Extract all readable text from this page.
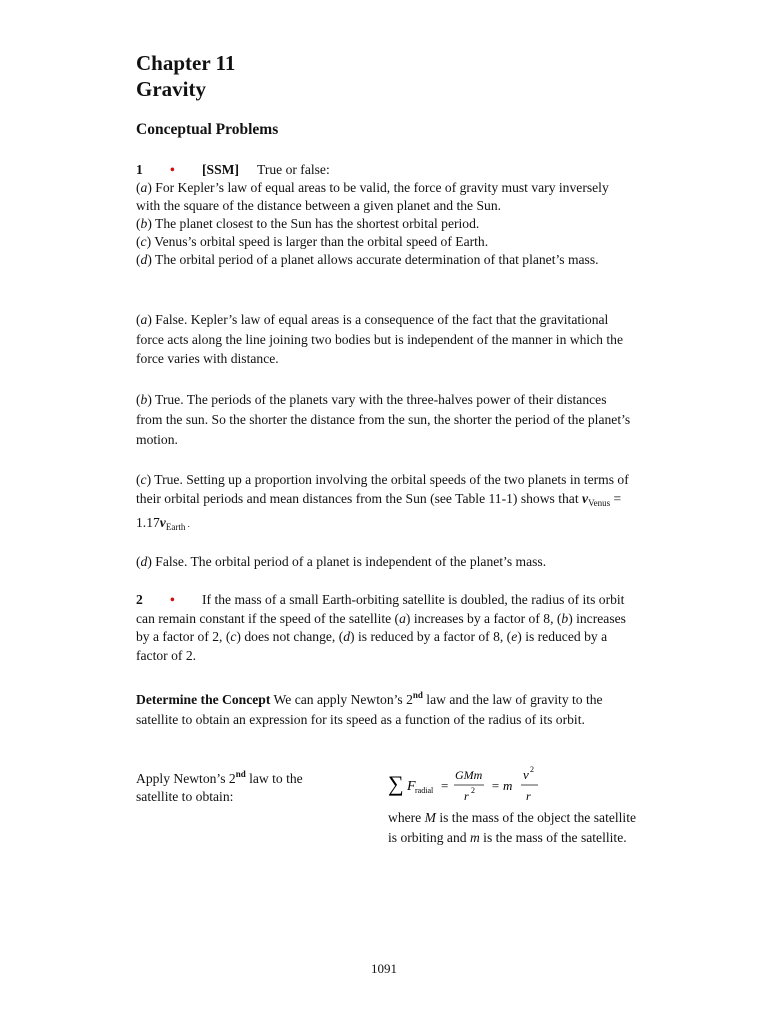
Chapter 11

Gravity

Conceptual Problems

1 • [SSM] True or false:
(a) For Kepler’s law of equal areas to be valid, the force of gravity must vary inversely with the square of the distance between a given planet and the Sun.
(b) The planet closest to the Sun has the shortest orbital period.
(c) Venus’s orbital speed is larger than the orbital speed of Earth.
(d) The orbital period of a planet allows accurate determination of that planet’s mass.
(a) False. Kepler’s law of equal areas is a consequence of the fact that the gravitational force acts along the line joining two bodies but is independent of the manner in which the force varies with distance.
(b) True. The periods of the planets vary with the three-halves power of their distances from the sun. So the shorter the distance from the sun, the shorter the period of the planet’s motion.
(c) True. Setting up a proportion involving the orbital speeds of the two planets in terms of their orbital periods and mean distances from the Sun (see Table 11-1) shows that $v_{Venus} = 1.17v_{Earth}$ .
(d) False. The orbital period of a planet is independent of the planet’s mass.
2 • If the mass of a small Earth-orbiting satellite is doubled, the radius of its orbit can remain constant if the speed of the satellite (a) increases by a factor of 8, (b) increases by a factor of 2, (c) does not change, (d) is reduced by a factor of 8, (e) is reduced by a factor of 2.
Determine the Concept We can apply Newton’s 2nd law and the law of gravity to the satellite to obtain an expression for its speed as a function of the radius of its orbit.
Apply Newton’s 2nd law to the satellite to obtain:
∑ F radial =
GMm
r 2 = m
v 2
r
where M is the mass of the object the satellite is orbiting and m is the mass of the satellite.
1091
